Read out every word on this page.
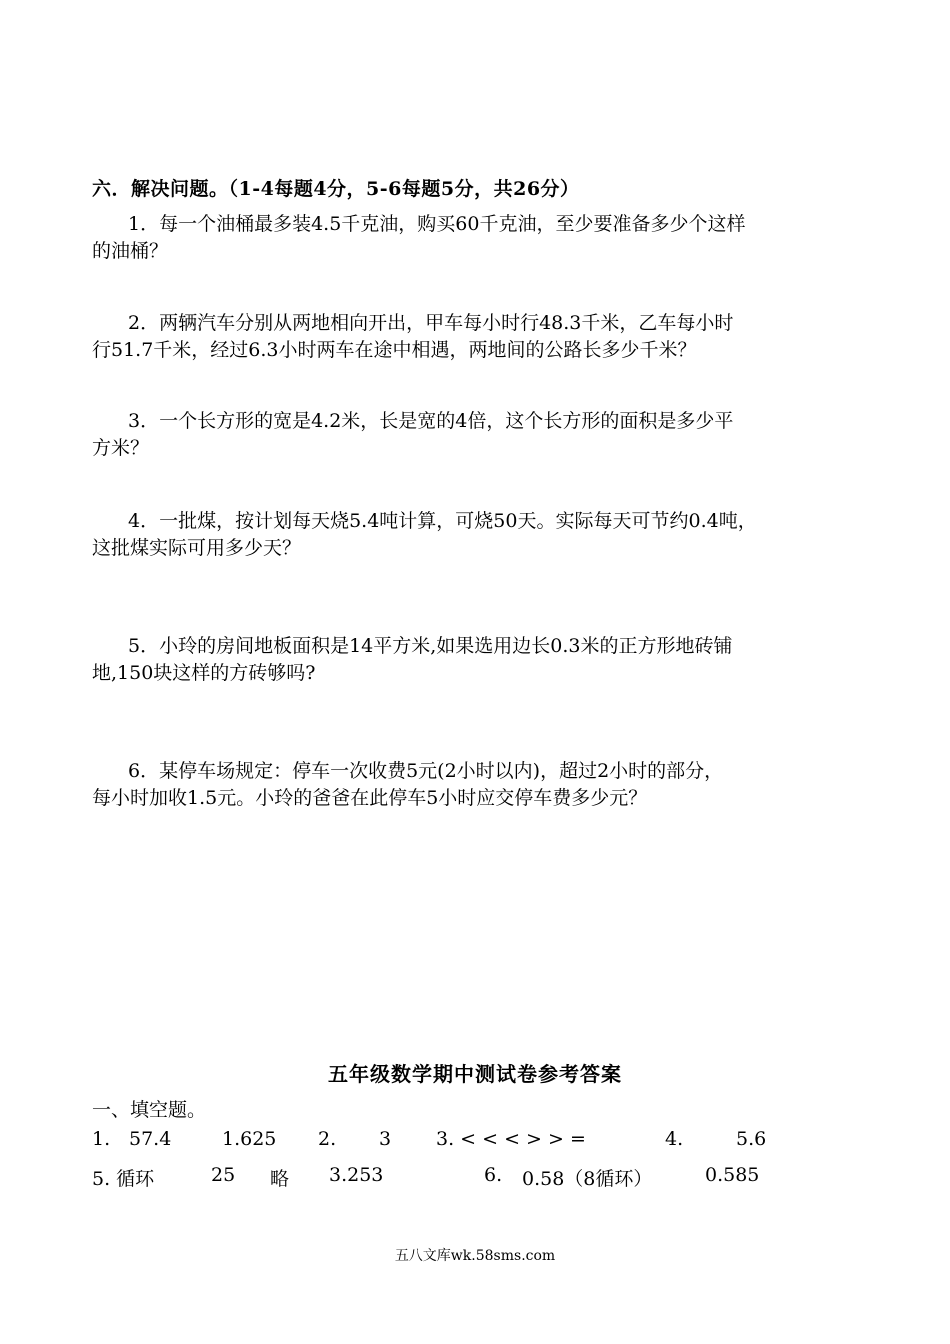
六．解决问题。（1-4每题4分，5-6每题5分，共26分）

1．每一个油桶最多装4.5千克油，购买60千克油，至少要准备多少个这样

的油桶？

2．两辆汽车分别从两地相向开出，甲车每小时行48.3千米，乙车每小时

行51.7千米，经过6.3小时两车在途中相遇，两地间的公路长多少千米？

3．一个长方形的宽是4.2米，长是宽的4倍，这个长方形的面积是多少平

方米？

4．一批煤，按计划每天烧5.4吨计算，可烧50天。实际每天可节约0.4吨，

这批煤实际可用多少天？

5．小玲的房间地板面积是14平方米,如果选用边长0.3米的正方形地砖铺

地,150块这样的方砖够吗?

6．某停车场规定：停车一次收费5元(2小时以内)，超过2小时的部分，

每小时加收1.5元。小玲的爸爸在此停车5小时应交停车费多少元？

五年级数学期中测试卷参考答案
一、填空题。
1. 57.4	1.625 2. 3 3. < < < > > =	4.	5.6
5. 循环	25 略 3.253	6. 0.58（8循环）	0.585
五八文库wk.58sms.com
